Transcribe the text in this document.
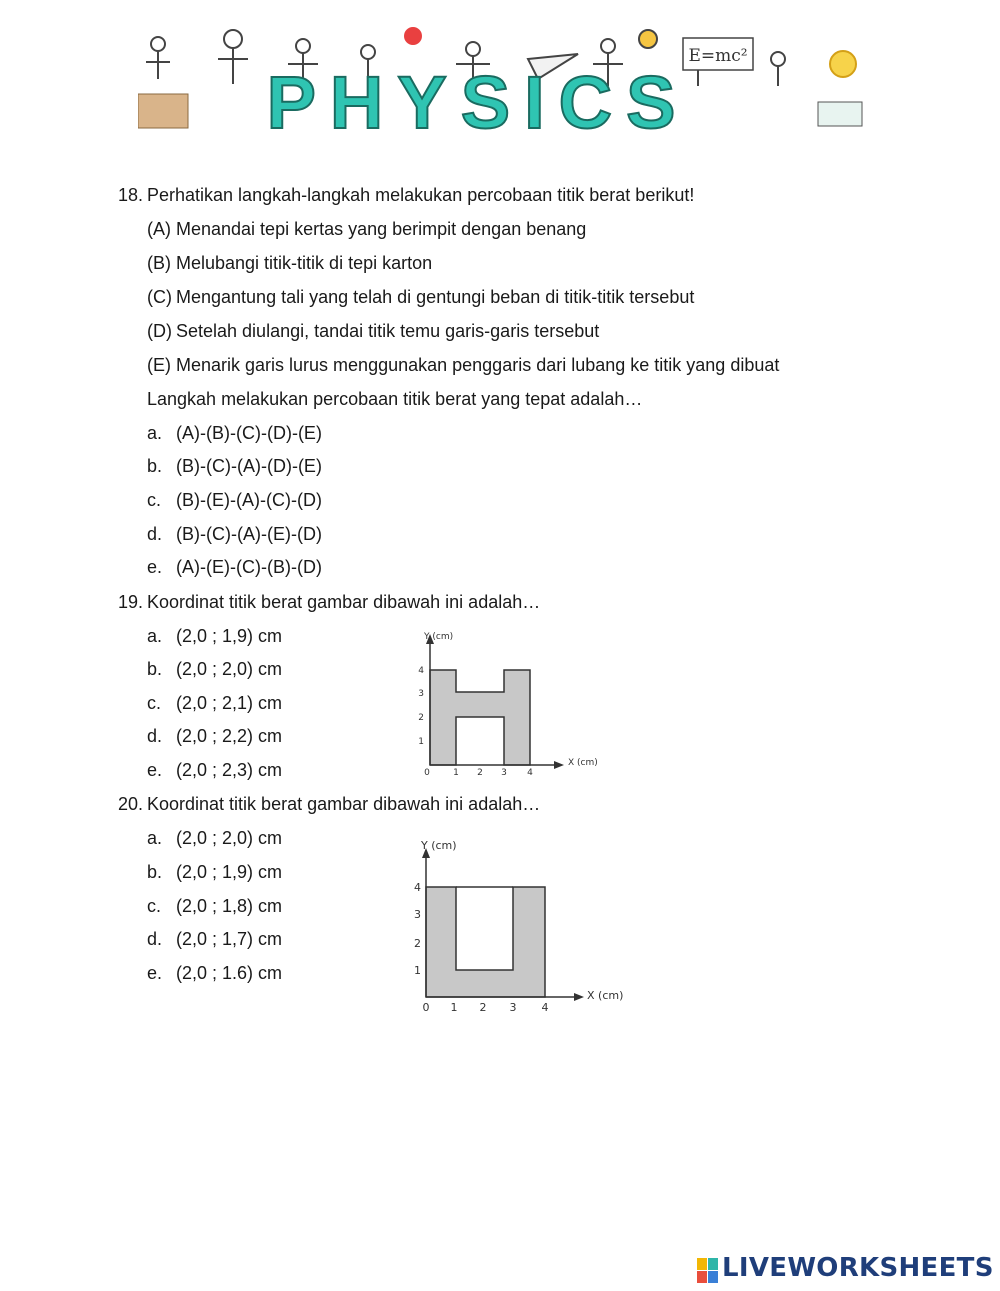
E=mc²
PHYSICS
18. Perhatikan langkah-langkah melakukan percobaan titik berat berikut!
(A) Menandai tepi kertas yang berimpit dengan benang
(B) Melubangi titik-titik di tepi karton
(C) Mengantung tali yang telah di gentungi beban di titik-titik tersebut
(D) Setelah diulangi, tandai titik temu garis-garis tersebut
(E) Menarik garis lurus menggunakan penggaris dari lubang ke titik yang dibuat
Langkah melakukan percobaan titik berat yang tepat adalah…
a. (A)-(B)-(C)-(D)-(E)
b. (B)-(C)-(A)-(D)-(E)
c. (B)-(E)-(A)-(C)-(D)
d. (B)-(C)-(A)-(E)-(D)
e. (A)-(E)-(C)-(B)-(D)
19. Koordinat titik berat gambar dibawah ini adalah…
a. (2,0 ; 1,9) cm
b. (2,0 ; 2,0) cm
c. (2,0 ; 2,1) cm
d. (2,0 ; 2,2) cm
e. (2,0 ; 2,3) cm
Y (cm)
X (cm)
0	1 2 3 4
1
2
3
4
20. Koordinat titik berat gambar dibawah ini adalah…
a. (2,0 ; 2,0) cm
b. (2,0 ; 1,9) cm
c. (2,0 ; 1,8) cm
d. (2,0 ; 1,7) cm
e. (2,0 ; 1.6) cm
Y (cm)
X (cm)
0 1 2 3 4
1
2
3
4
LIVEWORKSHEETS
